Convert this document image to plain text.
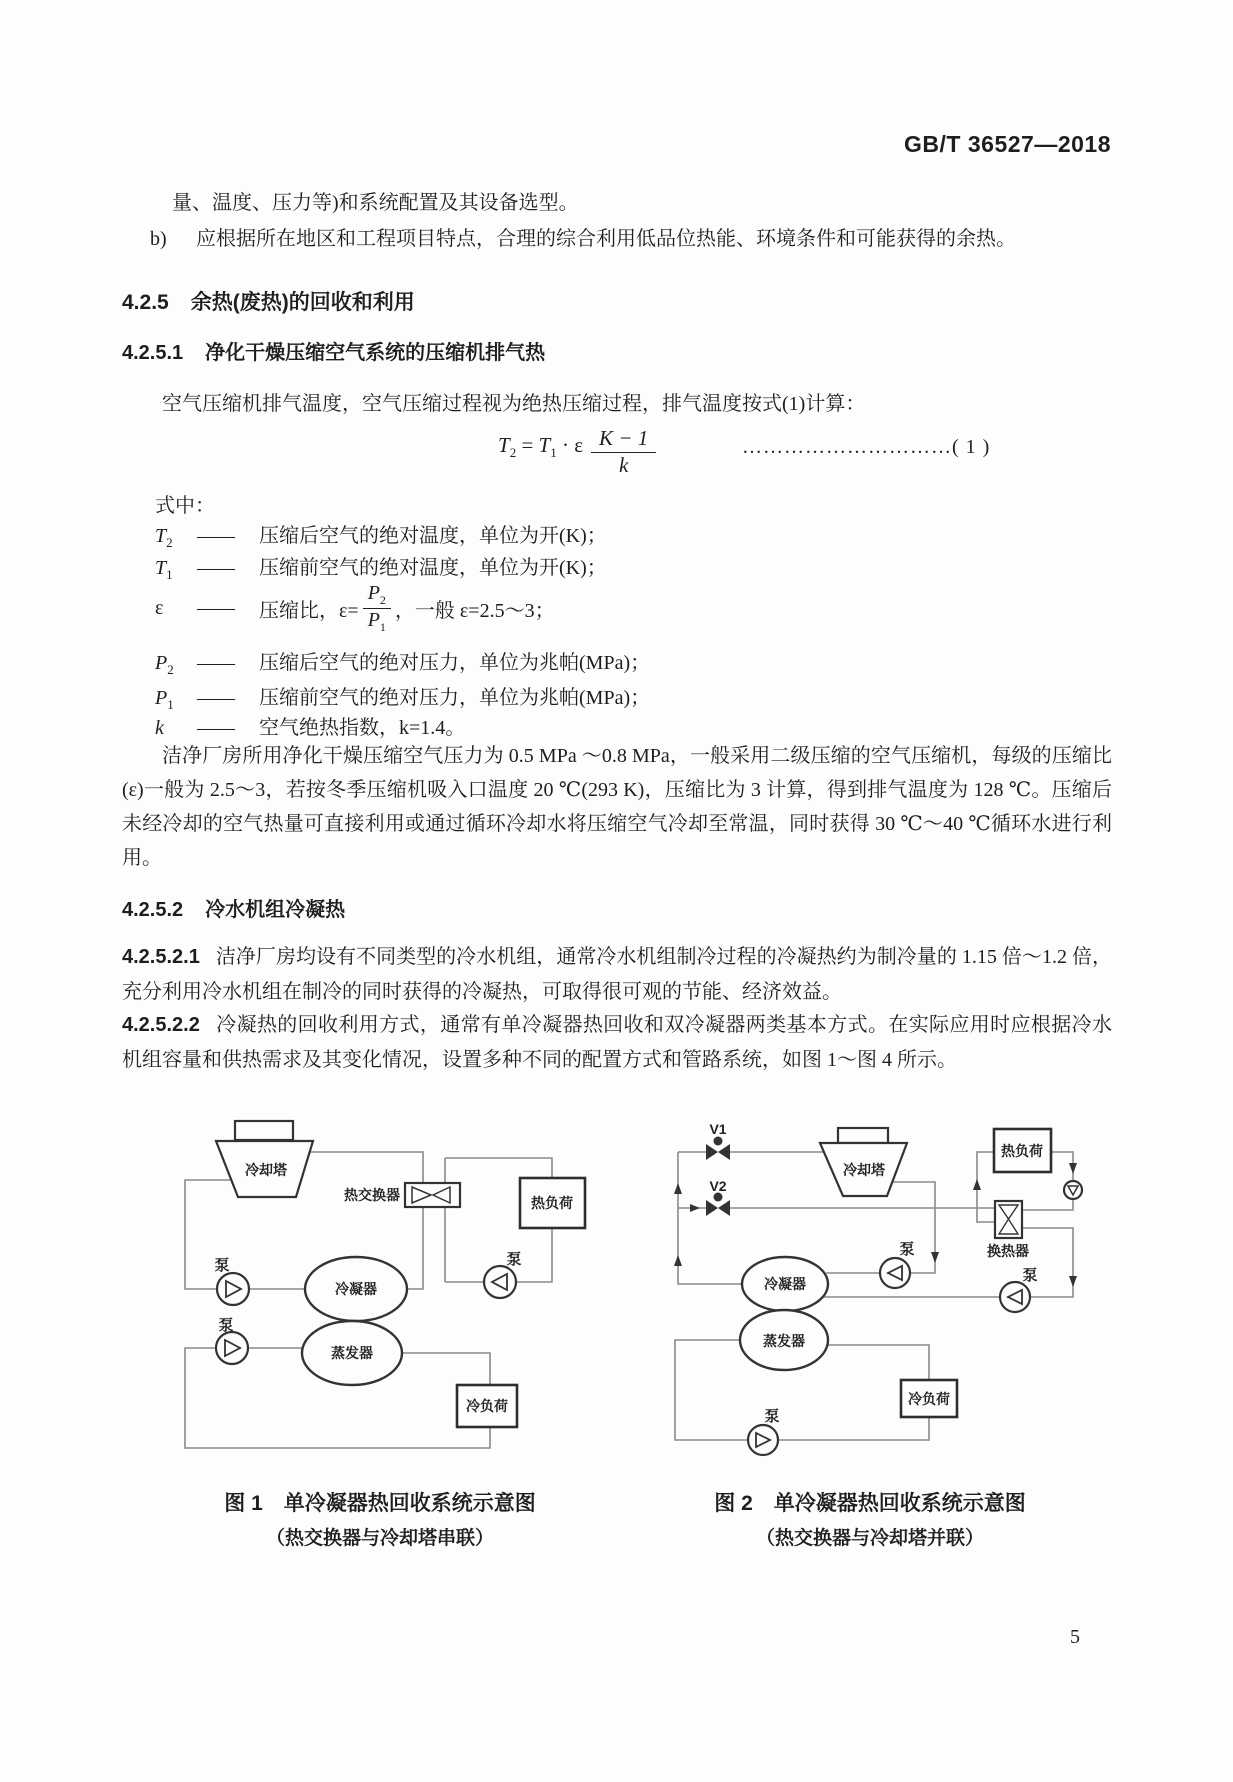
GB/T 36527—2018
量、温度、压力等)和系统配置及其设备选型。
b) 应根据所在地区和工程项目特点，合理的综合利用低品位热能、环境条件和可能获得的余热。
4.2.5 余热(废热)的回收和利用
4.2.5.1 净化干燥压缩空气系统的压缩机排气热
空气压缩机排气温度，空气压缩过程视为绝热压缩过程，排气温度按式(1)计算：
$T_2 = T_1 \cdot \varepsilon \frac{K - 1}{k}$	…………………………( 1 )
式中：
$T_2$ —— 压缩后空气的绝对温度，单位为开(K)；
$T_1$ —— 压缩前空气的绝对温度，单位为开(K)；
ε	——	压缩比，$\varepsilon= \frac{P_2}{P_1}$ ，一般 ε=2.5～3；
$P_2$ —— 压缩后空气的绝对压力，单位为兆帕(MPa)；
$P_1$ —— 压缩前空气的绝对压力，单位为兆帕(MPa)；
k —— 空气绝热指数，k=1.4。
洁净厂房所用净化干燥压缩空气压力为 0.5 MPa ～0.8 MPa，一般采用二级压缩的空气压缩机，每级的压缩比(ε)一般为 2.5～3，若按冬季压缩机吸入口温度 20 ℃(293 K)，压缩比为 3 计算，得到排气温度为 128 ℃。压缩后未经冷却的空气热量可直接利用或通过循环冷却水将压缩空气冷却至常温，同时获得 30 ℃～40 ℃循环水进行利用。
4.2.5.2 冷水机组冷凝热
4.2.5.2.1 洁净厂房均设有不同类型的冷水机组，通常冷水机组制冷过程的冷凝热约为制冷量的 1.15 倍～1.2 倍，充分利用冷水机组在制冷的同时获得的冷凝热，可取得很可观的节能、经济效益。
4.2.5.2.2 冷凝热的回收利用方式，通常有单冷凝器热回收和双冷凝器两类基本方式。在实际应用时应根据冷水机组容量和供热需求及其变化情况，设置多种不同的配置方式和管路系统，如图 1～图 4 所示。
冷却塔
冷凝器
蒸发器
热交换器	热负荷
冷负荷
泵
泵
泵
V1
V2
冷却塔
冷凝器
蒸发器
热负荷
换热器
冷负荷
泵
泵
泵
图 1　单冷凝器热回收系统示意图
（热交换器与冷却塔串联）
图 2　单冷凝器热回收系统示意图
（热交换器与冷却塔并联）
5
